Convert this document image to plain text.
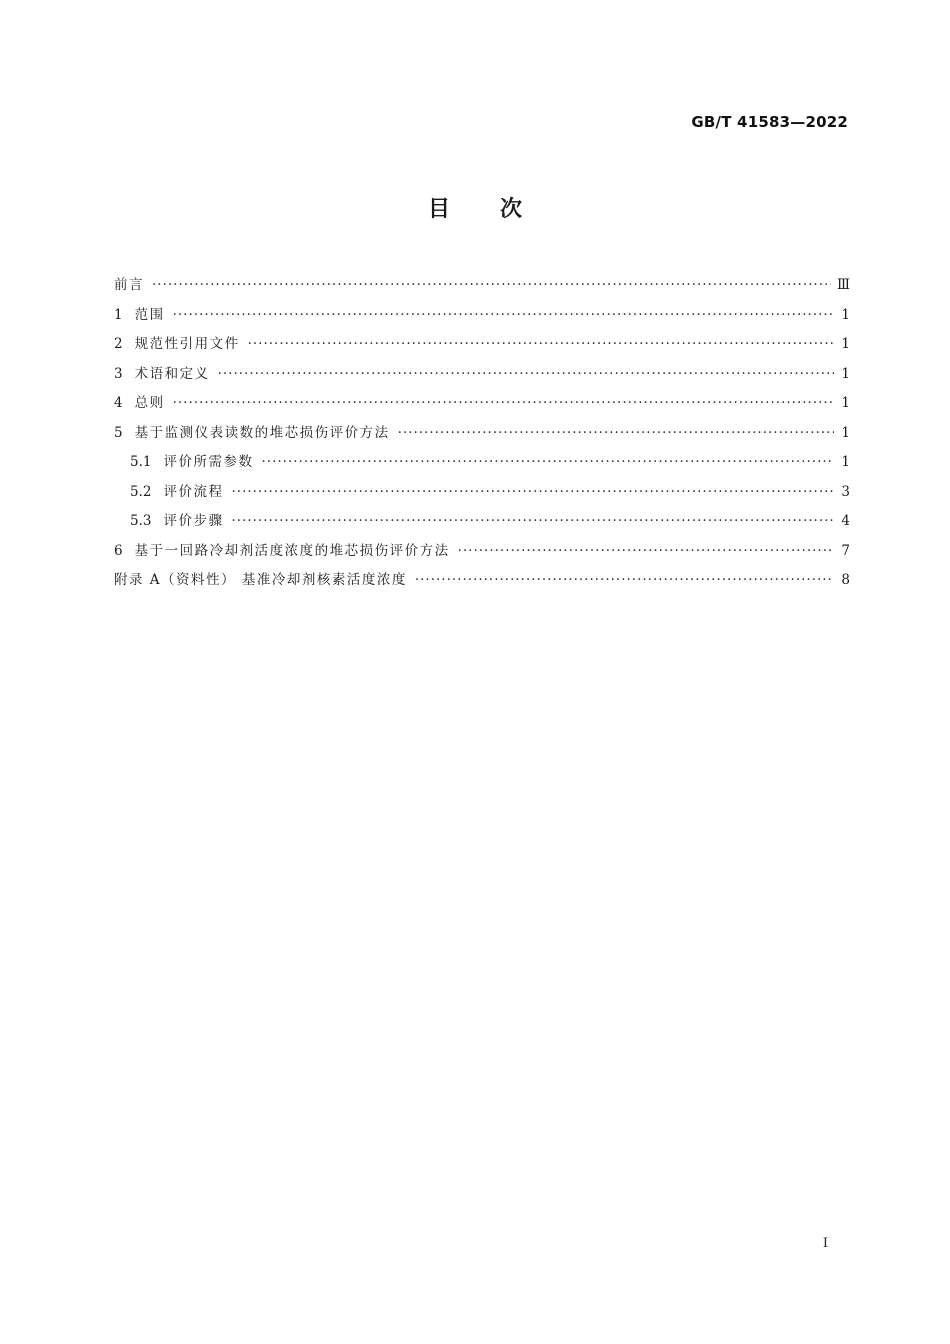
GB/T 41583—2022
目 次
前言 ·····	Ⅲ
1 范围 ·····	1
2 规范性引用文件 ·····	1
3 术语和定义 ·····	1
4 总则 ·····	1
5 基于监测仪表读数的堆芯损伤评价方法 ·····	1
5.1 评价所需参数 ·····	1
5.2 评价流程 ·····	3
5.3 评价步骤 ·····	4
6 基于一回路冷却剂活度浓度的堆芯损伤评价方法 ·····	7
附录 A（资料性） 基准冷却剂核素活度浓度 ·····	8
I
